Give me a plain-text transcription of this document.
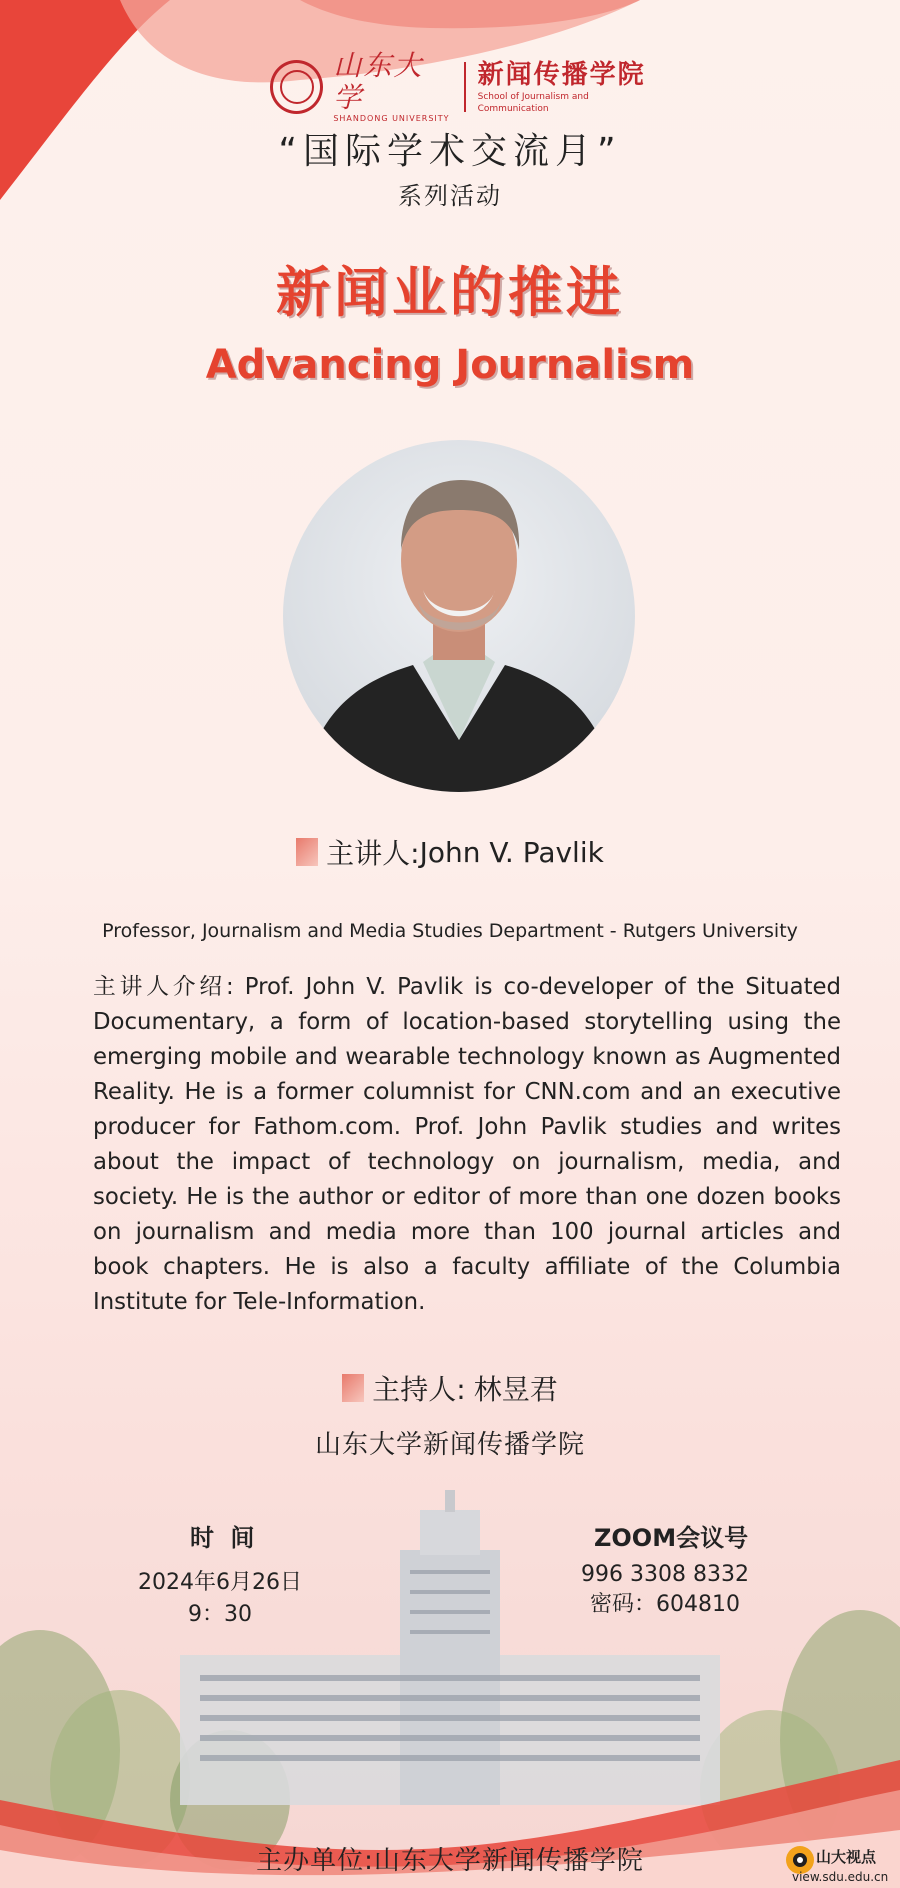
山东大学
SHANDONG UNIVERSITY
新闻传播学院
School of Journalism and Communication
“国际学术交流月”
系列活动
新闻业的推进
Advancing Journalism
主讲人: John V. Pavlik
Professor, Journalism and Media Studies Department - Rutgers University
主讲人介绍: Prof. John V. Pavlik is co-developer of the Situated Documentary, a form of location-based storytelling using the emerging mobile and wearable technology known as Augmented Reality. He is a former columnist for CNN.com and an executive producer for Fathom.com. Prof. John Pavlik studies and writes about the impact of technology on journalism, media, and society. He is the author or editor of more than one dozen books on journalism and media more than 100 journal articles and book chapters. He is also a faculty affiliate of the Columbia Institute for Tele-Information.
主持人: 林昱君
山东大学新闻传播学院
时 间
2024年6月26日
9：30
ZOOM会议号
996 3308 8332
密码：604810
主办单位:山东大学新闻传播学院	山大视点
view.sdu.edu.cn
